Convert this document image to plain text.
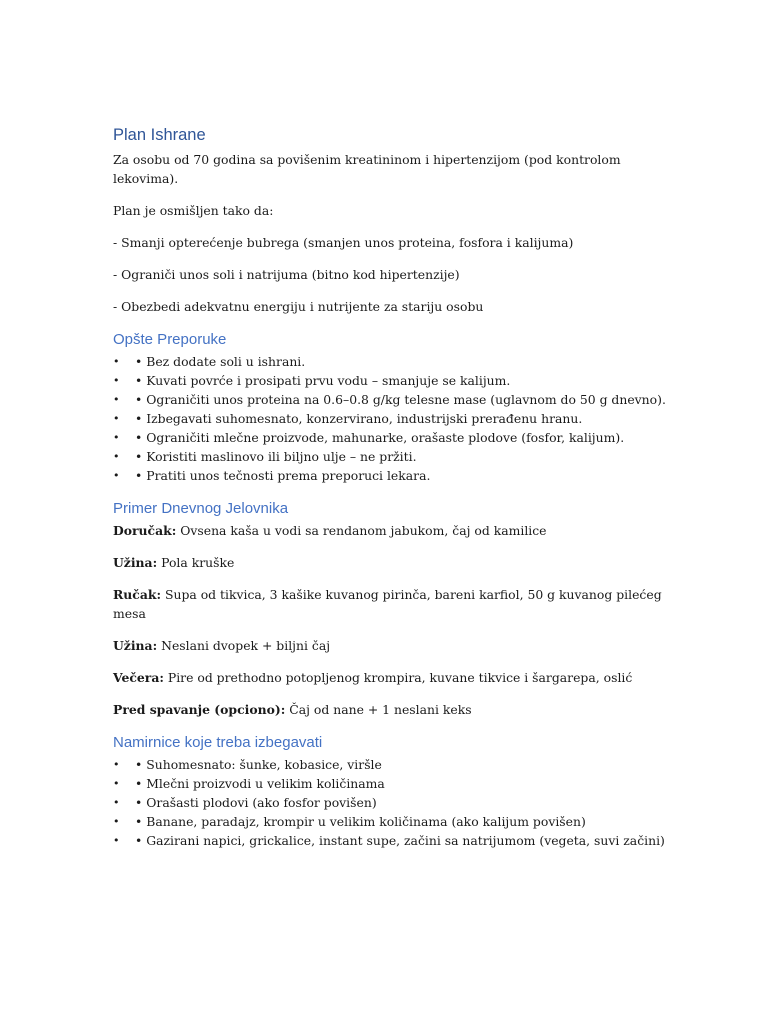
Plan Ishrane

Za osobu od 70 godina sa povišenim kreatininom i hipertenzijom (pod kontrolom lekovima).

Plan je osmišljen tako da:

- Smanji opterećenje bubrega (smanjen unos proteina, fosfora i kalijuma)

- Ograniči unos soli i natrijuma (bitno kod hipertenzije)

- Obezbedi adekvatnu energiju i nutrijente za stariju osobu

Opšte Preporuke
• • Bez dodate soli u ishrani.
• • Kuvati povrće i prosipati prvu vodu – smanjuje se kalijum.
• • Ograničiti unos proteina na 0.6–0.8 g/kg telesne mase (uglavnom do 50 g dnevno).
• • Izbegavati suhomesnato, konzervirano, industrijski prerađenu hranu.
• • Ograničiti mlečne proizvode, mahunarke, orašaste plodove (fosfor, kalijum).
• • Koristiti maslinovo ili biljno ulje – ne pržiti.
• • Pratiti unos tečnosti prema preporuci lekara.
Primer Dnevnog Jelovnika

Doručak: Ovsena kaša u vodi sa rendanom jabukom, čaj od kamilice

Užina: Pola kruške

Ručak: Supa od tikvica, 3 kašike kuvanog pirinča, bareni karfiol, 50 g kuvanog pilećeg mesa

Užina: Neslani dvopek + biljni čaj

Večera: Pire od prethodno potopljenog krompira, kuvane tikvice i šargarepa, oslić

Pred spavanje (opciono): Čaj od nane + 1 neslani keks

Namirnice koje treba izbegavati
• • Suhomesnato: šunke, kobasice, viršle
• • Mlečni proizvodi u velikim količinama
• • Orašasti plodovi (ako fosfor povišen)
• • Banane, paradajz, krompir u velikim količinama (ako kalijum povišen)
• • Gazirani napici, grickalice, instant supe, začini sa natrijumom (vegeta, suvi začini)
